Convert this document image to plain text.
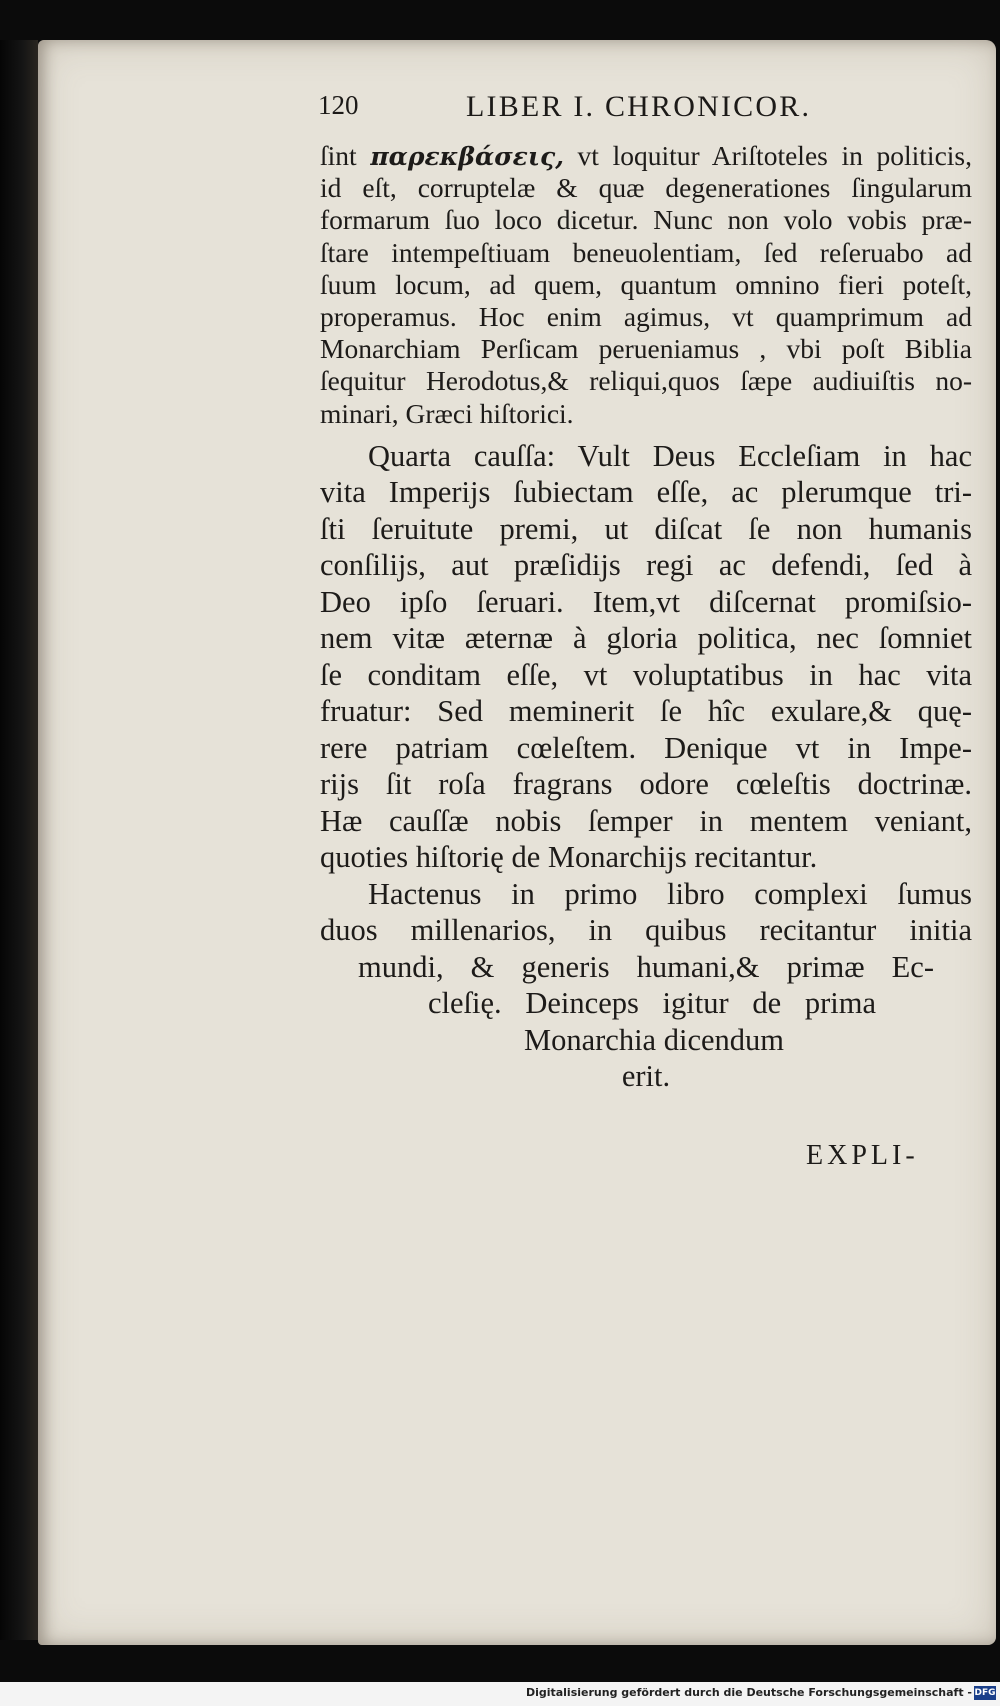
120	LIBER I. CHRONICOR.
ſint παρεκβάσεις, vt loquitur Ariſtoteles in politicis,
id eſt, corruptelæ & quæ degenerationes ſingularum
formarum ſuo loco dicetur. Nunc non volo vobis præ-
ſtare intempeſtiuam beneuolentiam, ſed reſeruabo ad
ſuum locum, ad quem, quantum omnino fieri poteſt,
properamus. Hoc enim agimus, vt quamprimum ad
Monarchiam Perſicam perueniamus , vbi poſt Biblia
ſequitur Herodotus,& reliqui,quos ſæpe audiuiſtis no-
minari, Græci hiſtorici.
Quarta cauſſa: Vult Deus Eccleſiam in hac
vita Imperijs ſubiectam eſſe, ac plerumque tri-
ſti ſeruitute premi, ut diſcat ſe non humanis
conſilijs, aut præſidijs regi ac defendi, ſed à
Deo ipſo ſeruari. Item,vt diſcernat promiſsio-
nem vitæ æternæ à gloria politica, nec ſomniet
ſe conditam eſſe, vt voluptatibus in hac vita
fruatur: Sed meminerit ſe hîc exulare,& quę-
rere patriam cœleſtem. Denique vt in Impe-
rijs ſit roſa fragrans odore cœleſtis doctrinæ.
Hæ cauſſæ nobis ſemper in mentem veniant,
quoties hiſtorię de Monarchijs recitantur.
Hactenus in primo libro complexi ſumus
duos millenarios, in quibus recitantur initia
mundi, & generis humani,& primæ Ec-
cleſię. Deinceps igitur de prima
Monarchia dicendum
erit.
EXPLI-
Digitalisierung gefördert durch die Deutsche Forschungsgemeinschaft - DFG
